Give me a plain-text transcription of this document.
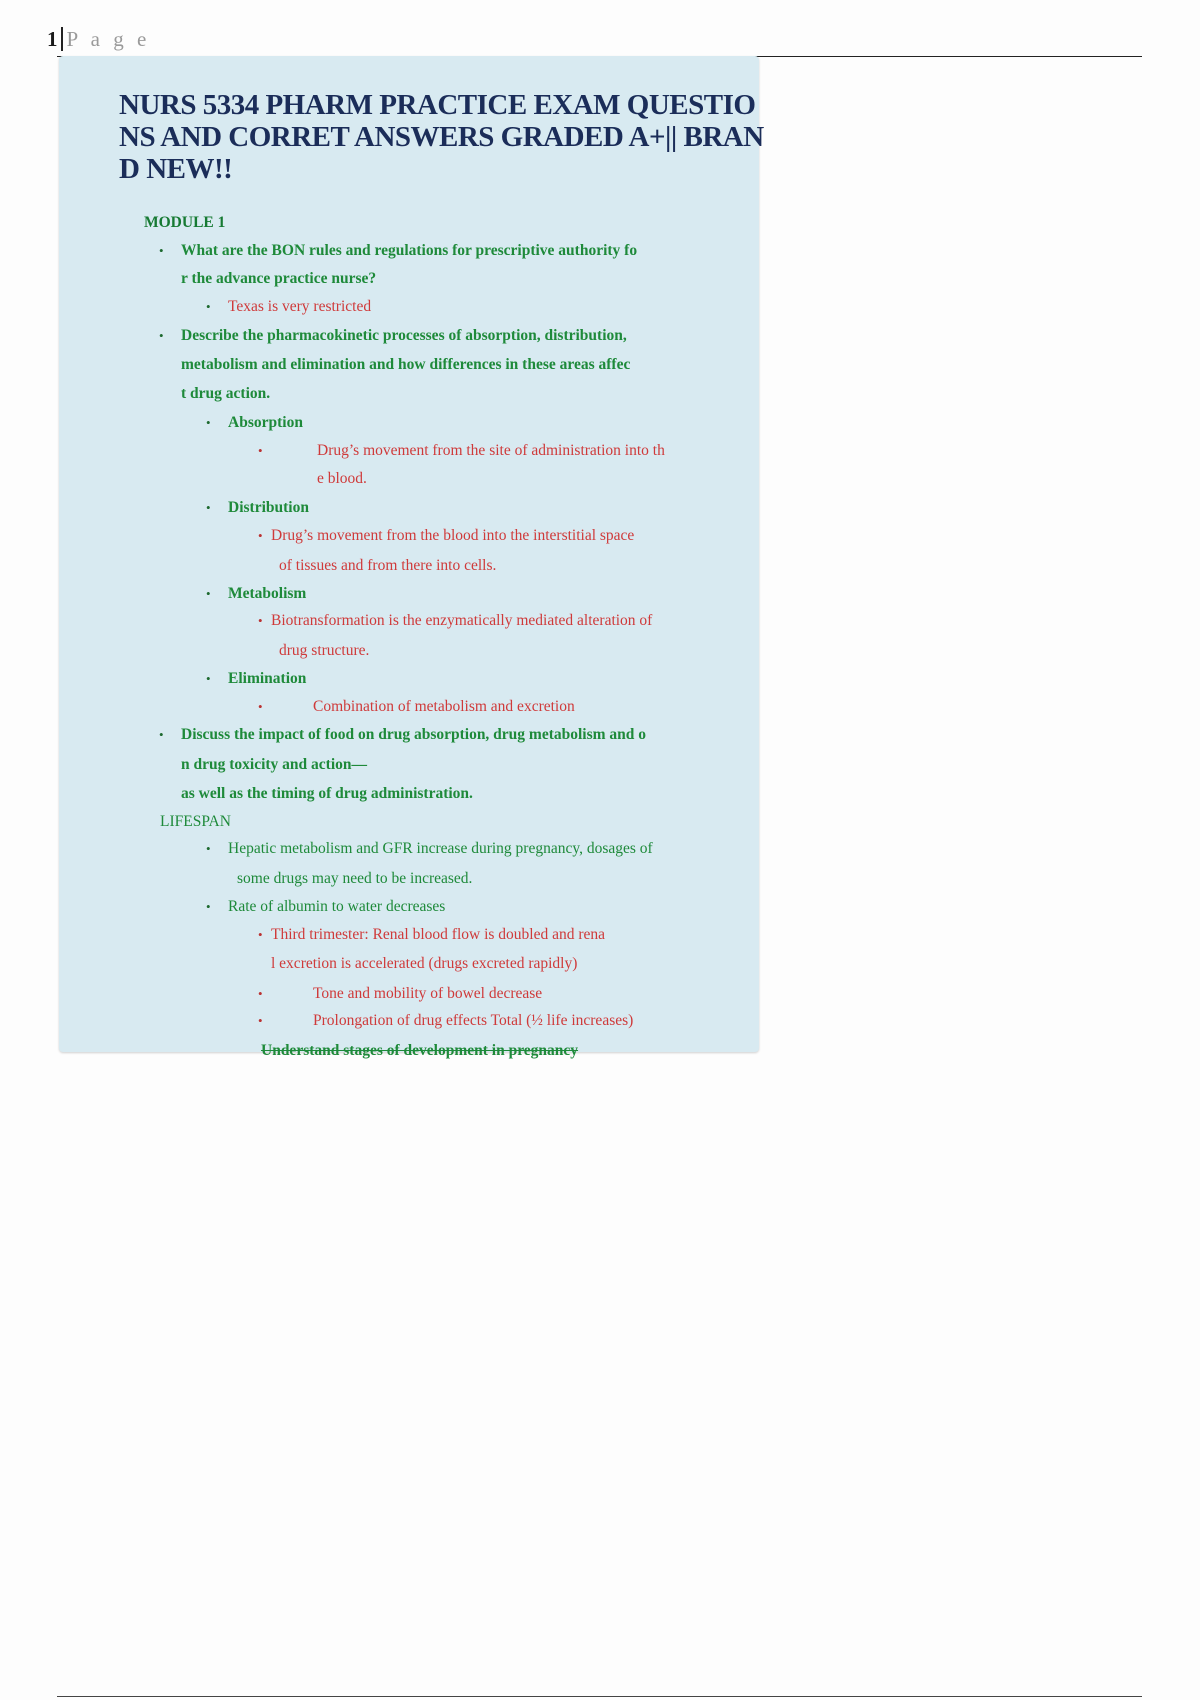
1 P a g e
NURS 5334 PHARM PRACTICE EXAM QUESTIONS AND CORRET ANSWERS GRADED A+|| BRAND NEW!!
MODULE 1
• What are the BON rules and regulations for prescriptive authority fo
r the advance practice nurse?
• Texas is very restricted
• Describe the pharmacokinetic processes of absorption, distribution,
metabolism and elimination and how differences in these areas affec
t drug action.
• Absorption
•	Drug’s movement from the site of administration into th
e blood.
• Distribution
• Drug’s movement from the blood into the interstitial space
of tissues and from there into cells.
• Metabolism
• Biotransformation is the enzymatically mediated alteration of
drug structure.
• Elimination
•	Combination of metabolism and excretion
• Discuss the impact of food on drug absorption, drug metabolism and o
n drug toxicity and action—
as well as the timing of drug administration.
LIFESPAN
• Hepatic metabolism and GFR increase during pregnancy, dosages of
some drugs may need to be increased.
• Rate of albumin to water decreases
• Third trimester: Renal blood flow is doubled and rena
l excretion is accelerated (drugs excreted rapidly)
•	Tone and mobility of bowel decrease
•	Prolongation of drug effects Total (½ life increases)
Understand stages of development in pregnancy
